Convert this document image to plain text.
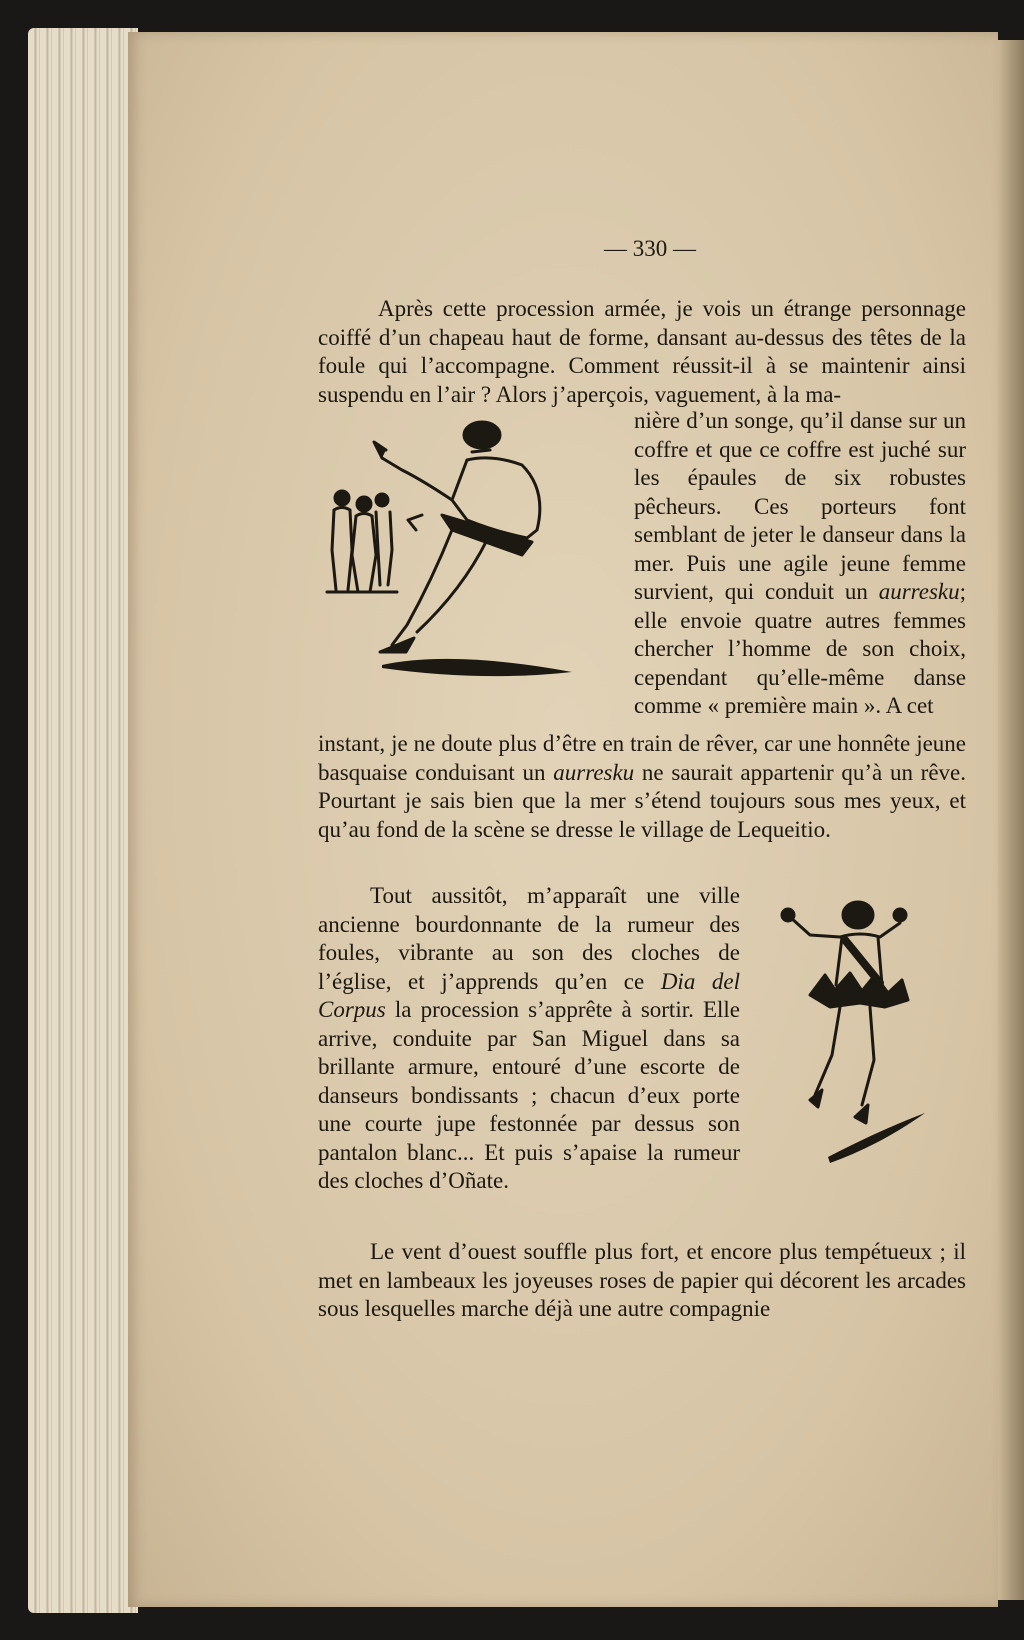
— 330 —

Après cette procession armée, je vois un étrange personnage coiffé d’un chapeau haut de forme, dansant au-dessus des têtes de la foule qui l’accompagne. Comment réussit-il à se maintenir ainsi suspendu en l’air ? Alors j’aperçois, vaguement, à la ma-

nière d’un songe, qu’il danse sur un coffre et que ce coffre est juché sur les épaules de six robustes pêcheurs. Ces porteurs font semblant de jeter le danseur dans la mer. Puis une agile jeune femme survient, qui conduit un aurresku; elle envoie quatre autres femmes chercher l’homme de son choix, cependant qu’elle-même danse comme « première main ». A cet

instant, je ne doute plus d’être en train de rêver, car une honnête jeune basquaise conduisant un aurresku ne saurait appartenir qu’à un rêve. Pourtant je sais bien que la mer s’étend toujours sous mes yeux, et qu’au fond de la scène se dresse le village de Lequeitio.

Tout aussitôt, m’apparaît une ville ancienne bourdonnante de la rumeur des foules, vibrante au son des cloches de l’église, et j’apprends qu’en ce Dia del Corpus la procession s’apprête à sortir. Elle arrive, conduite par San Miguel dans sa brillante armure, entouré d’une escorte de danseurs bondissants ; chacun d’eux porte une courte jupe festonnée par dessus son pantalon blanc... Et puis s’apaise la rumeur des cloches d’Oñate.

Le vent d’ouest souffle plus fort, et encore plus tempétueux ; il met en lambeaux les joyeuses roses de papier qui décorent les arcades sous lesquelles marche déjà une autre compagnie
